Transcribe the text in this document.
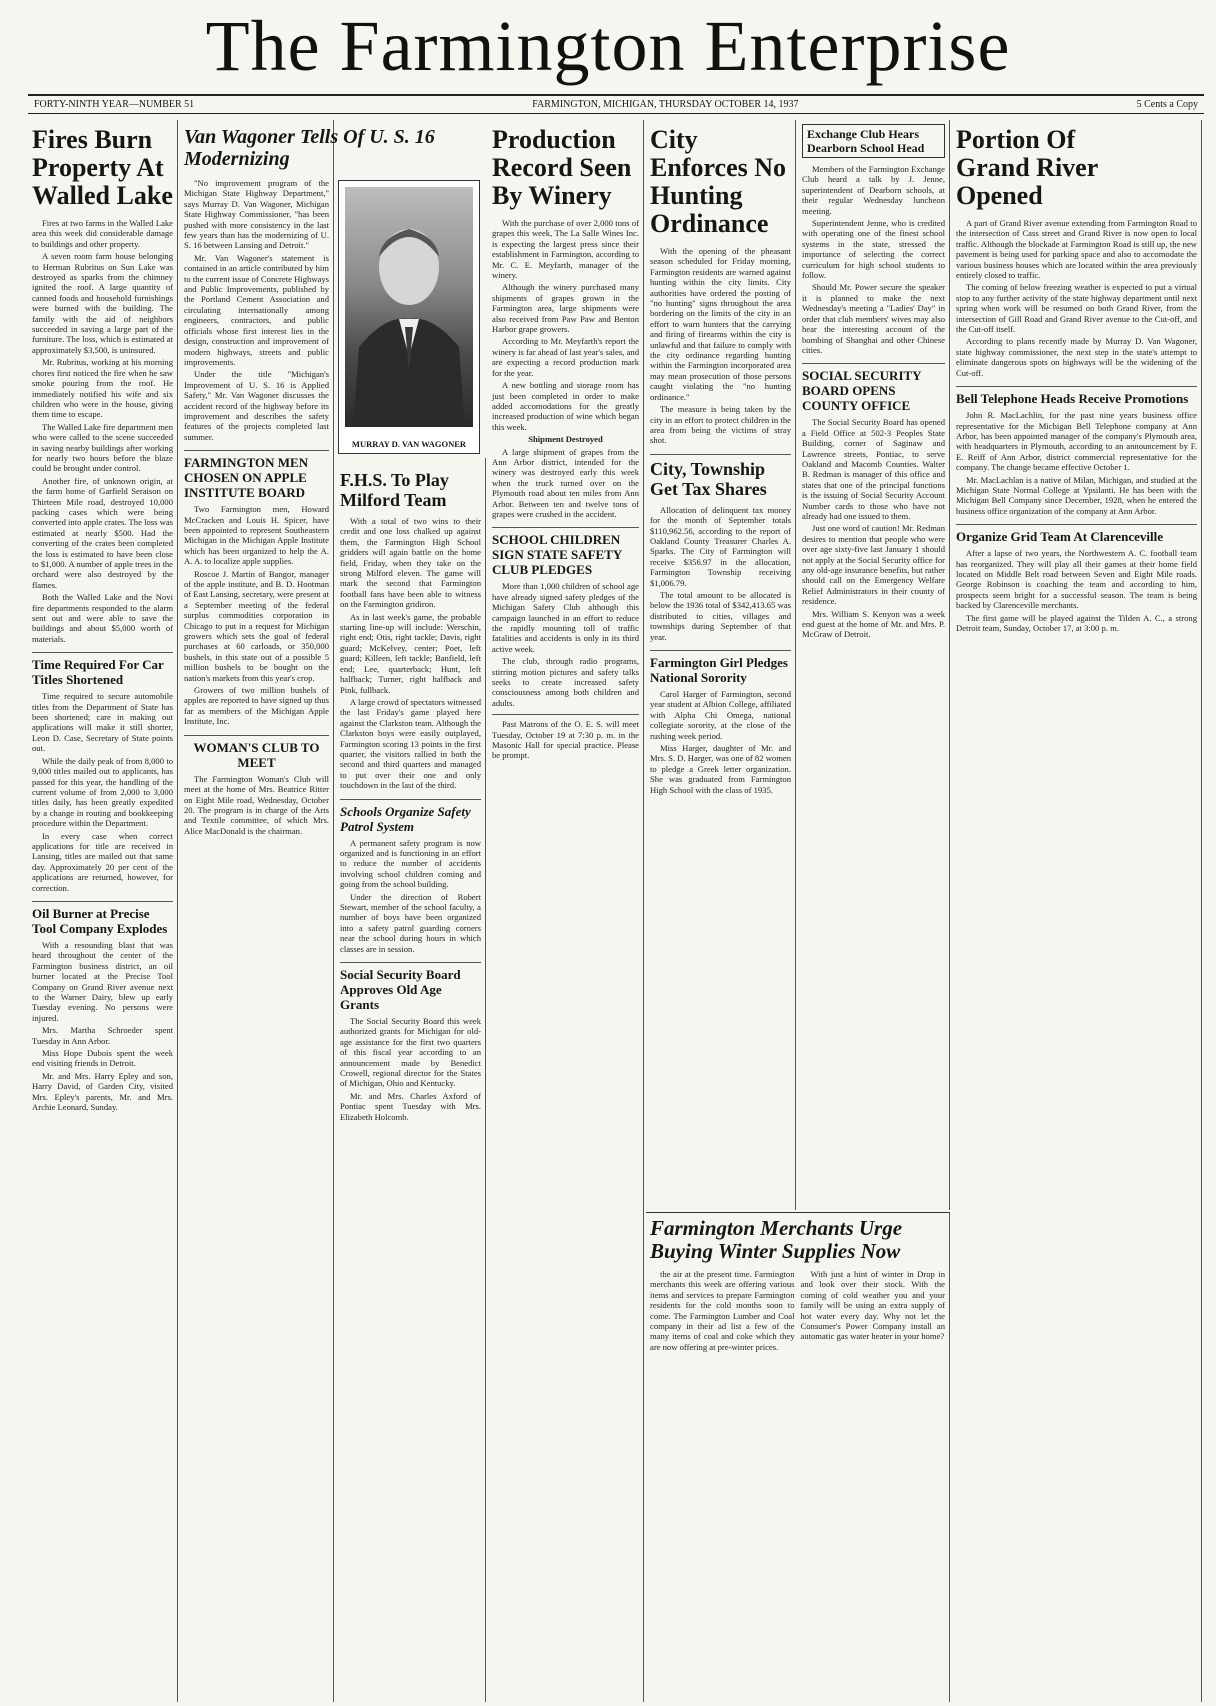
The Farmington Enterprise
FORTY-NINTH YEAR—NUMBER 51	FARMINGTON, MICHIGAN, THURSDAY OCTOBER 14, 1937	5 Cents a Copy
Fires Burn Property At Walled Lake

Fires at two farms in the Walled Lake area this week did considerable damage to buildings and other property.

A seven room farm house belonging to Herman Rubritus on Sun Lake was destroyed as sparks from the chimney ignited the roof. A large quantity of canned foods and household furnishings were burned with the building. The family with the aid of neighbors succeeded in saving a large part of the furniture. The loss, which is estimated at approximately $3,500, is uninsured.

Mr. Rubritus, working at his morning chores first noticed the fire when he saw smoke pouring from the roof. He immediately notified his wife and six children who were in the house, giving them time to escape.

The Walled Lake fire department men who were called to the scene succeeded in saving nearby buildings after working for nearly two hours before the blaze could be brought under control.

Another fire, of unknown origin, at the farm home of Garfield Seraison on Thirteen Mile road, destroyed 10,000 packing cases which were being converted into apple crates. The loss was estimated at nearly $500. Had the converting of the crates been completed the loss is estimated to have been close to $1,000. A number of apple trees in the orchard were also destroyed by the flames.

Both the Walled Lake and the Novi fire departments responded to the alarm sent out and were able to save the buildings and about $5,000 worth of materials.

Time Required For Car Titles Shortened

Time required to secure automobile titles from the Department of State has been shortened; care in making out applications will make it still shorter, Leon D. Case, Secretary of State points out.

While the daily peak of from 8,000 to 9,000 titles mailed out to applicants, has passed for this year, the handling of the current volume of from 2,000 to 3,000 titles daily, has been greatly expedited by a change in routing and bookkeeping procedure within the Department.

In every case when correct applications for title are received in Lansing, titles are mailed out that same day. Approximately 20 per cent of the applications are returned, however, for correction.

Oil Burner at Precise Tool Company Explodes

With a resounding blast that was heard throughout the center of the Farmington business district, an oil burner located at the Precise Tool Company on Grand River avenue next to the Warner Dairy, blew up early Tuesday evening. No persons were injured.

Mrs. Martha Schroeder spent Tuesday in Ann Arbor.

Miss Hope Dubois spent the week end visiting friends in Detroit.

Mr. and Mrs. Harry Epley and son, Harry David, of Garden City, visited Mrs. Epley's parents, Mr. and Mrs. Archie Leonard, Sunday.

Van Wagoner Tells Of U. S. 16 Modernizing

"No improvement program of the Michigan State Highway Department," says Murray D. Van Wagoner, Michigan State Highway Commissioner, "has been pushed with more consistency in the last few years than has the modernizing of U. S. 16 between Lansing and Detroit."

Mr. Van Wagoner's statement is contained in an article contributed by him to the current issue of Concrete Highways and Public Improvements, published by the Portland Cement Association and circulating internationally among engineers, contractors, and public officials whose first interest lies in the design, construction and improvement of modern highways, streets and public improvements.

Under the title "Michigan's Improvement of U. S. 16 is Applied Safety," Mr. Van Wagoner discusses the accident record of the highway before its improvement and describes the safety features of the projects completed last summer.

FARMINGTON MEN CHOSEN ON APPLE INSTITUTE BOARD

Two Farmington men, Howard McCracken and Louis H. Spicer, have been appointed to represent Southeastern Michigan in the Michigan Apple Institute which has been organized to help the A. A. A. to localize apple supplies.

Roscoe J. Martin of Bangor, manager of the apple institute, and B. D. Hootman of East Lansing, secretary, were present at a September meeting of the federal surplus commodities corporation in Chicago to put in a request for Michigan growers which sets the goal of federal purchases at 60 carloads, or 350,000 bushels, in this state out of a possible 5 million bushels to be bought on the nation's markets from this year's crop.

Growers of two million bushels of apples are reported to have signed up thus far as members of the Michigan Apple Institute, Inc.

WOMAN'S CLUB TO MEET

The Farmington Woman's Club will meet at the home of Mrs. Beatrice Ritter on Eight Mile road, Wednesday, October 20. The program is in charge of the Arts and Textile committee, of which Mrs. Alice MacDonald is the chairman.

MURRAY D. VAN WAGONER
F.H.S. To Play Milford Team

With a total of two wins to their credit and one loss chalked up against them, the Farmington High School gridders will again battle on the home field, Friday, when they take on the strong Milford eleven. The game will mark the second that Farmington football fans have been able to witness on the Farmington gridiron.

As in last week's game, the probable starting line-up will include: Werschin, right end; Otis, right tackle; Davis, right guard; McKelvey, center; Poet, left guard; Killeen, left tackle; Banfield, left end; Lee, quarterback; Hunt, left halfback; Turner, right halfback and Pink, fullback.

A large crowd of spectators witnessed the last Friday's game played here against the Clarkston team. Although the Clarkston boys were easily outplayed, Farmington scoring 13 points in the first quarter, the visitors rallied in both the second and third quarters and managed to put over their one and only touchdown in the last of the third.

Schools Organize Safety Patrol System

A permanent safety program is now organized and is functioning in an effort to reduce the number of accidents involving school children coming and going from the school building.

Under the direction of Robert Stewart, member of the school faculty, a number of boys have been organized into a safety patrol guarding corners near the school during hours in which classes are in session.

Social Security Board Approves Old Age Grants

The Social Security Board this week authorized grants for Michigan for old-age assistance for the first two quarters of this fiscal year according to an announcement made by Benedict Crowell, regional director for the States of Michigan, Ohio and Kentucky.

Mr. and Mrs. Charles Axford of Pontiac spent Tuesday with Mrs. Elizabeth Holcomb.

Production Record Seen By Winery

With the purchase of over 2,000 tons of grapes this week, The La Salle Wines Inc. is expecting the largest press since their establishment in Farmington, according to Mr. C. E. Meyfarth, manager of the winery.

Although the winery purchased many shipments of grapes grown in the Farmington area, large shipments were also received from Paw Paw and Benton Harbor grape growers.

According to Mr. Meyfarth's report the winery is far ahead of last year's sales, and are expecting a record production mark for the year.

A new bottling and storage room has just been completed in order to make added accomodations for the greatly increased production of wine which began this week.

Shipment Destroyed

A large shipment of grapes from the Ann Arbor district, intended for the winery was destroyed early this week when the truck turned over on the Plymouth road about ten miles from Ann Arbor. Between ten and twelve tons of grapes were crushed in the accident.

SCHOOL CHILDREN SIGN STATE SAFETY CLUB PLEDGES

More than 1,000 children of school age have already signed safety pledges of the Michigan Safety Club although this campaign launched in an effort to reduce the rapidly mounting toll of traffic fatalities and accidents is only in its third active week.

The club, through radio programs, stirring motion pictures and safety talks seeks to create increased safety consciousness among both children and adults.

Past Matrons of the O. E. S. will meet Tuesday, October 19 at 7:30 p. m. in the Masonic Hall for special practice. Please be prompt.

City Enforces No Hunting Ordinance

With the opening of the pheasant season scheduled for Friday morning, Farmington residents are warned against hunting within the city limits. City authorities have ordered the posting of "no hunting" signs throughout the area bordering on the limits of the city in an effort to warn hunters that the carrying and firing of firearms within the city is unlawful and that failure to comply with the city ordinance regarding hunting within the Farmington incorporated area may mean prosecution of those persons caught violating the "no hunting ordinance."

The measure is being taken by the city in an effort to protect children in the area from being the victims of stray shot.

City, Township Get Tax Shares

Allocation of delinquent tax money for the month of September totals $110,962.56, according to the report of Oakland County Treasurer Charles A. Sparks. The City of Farmington will receive $356.97 in the allocation, Farmington Township receiving $1,006.79.

The total amount to be allocated is below the 1936 total of $342,413.65 was distributed to cities, villages and townships during September of that year.

Farmington Girl Pledges National Sorority

Carol Harger of Farmington, second year student at Albion College, affiliated with Alpha Chi Omega, national collegiate sorority, at the close of the rushing week period.

Miss Harger, daughter of Mr. and Mrs. S. D. Harger, was one of 82 women to pledge a Greek letter organization. She was graduated from Farmington High School with the class of 1935.

Exchange Club Hears Dearborn School Head

Members of the Farmington Exchange Club heard a talk by J. Jenne, superintendent of Dearborn schools, at their regular Wednesday luncheon meeting.

Superintendent Jenne, who is credited with operating one of the finest school systems in the state, stressed the importance of selecting the correct curriculum for high school students to follow.

Should Mr. Power secure the speaker it is planned to make the next Wednesday's meeting a "Ladies' Day" in order that club members' wives may also hear the interesting account of the bombing of Shanghai and other Chinese cities.

SOCIAL SECURITY BOARD OPENS COUNTY OFFICE

The Social Security Board has opened a Field Office at 502-3 Peoples State Building, corner of Saginaw and Lawrence streets, Pontiac, to serve Oakland and Macomb Counties. Walter B. Redman is manager of this office and states that one of the principal functions is the issuing of Social Security Account Number cards to those who have not already had one issued to them.

Just one word of caution! Mr. Redman desires to mention that people who were over age sixty-five last January 1 should not apply at the Social Security office for any old-age insurance benefits, but rather should call on the Emergency Welfare Relief Administrators in their county of residence.

Mrs. William S. Kenyon was a week end guest at the home of Mr. and Mrs. P. McGraw of Detroit.

Farmington Merchants Urge Buying Winter Supplies Now

the air at the present time. Farmington merchants this week are offering various items and services to prepare Farmington residents for the cold months soon to come. The Farmington Lumber and Coal company in their ad list a few of the many items of coal and coke which they are now offering at pre-winter prices.

With just a hint of winter in Drop in and look over their stock. With the coming of cold weather you and your family will be using an extra supply of hot water every day. Why not let the Consumer's Power Company install an automatic gas water heater in your home?

Portion Of Grand River Opened

A part of Grand River avenue extending from Farmington Road to the intersection of Cass street and Grand River is now open to local traffic. Although the blockade at Farmington Road is still up, the new pavement is being used for parking space and also to accomodate the various business houses which are located within the area previously entirely closed to traffic.

The coming of below freezing weather is expected to put a virtual stop to any further activity of the state highway department until next spring when work will be resumed on both Grand River, from the intersection of Gill Road and Grand River avenue to the Cut-off, and the Cut-off itself.

According to plans recently made by Murray D. Van Wagoner, state highway commissioner, the next step in the state's attempt to eliminate dangerous spots on highways will be the widening of the Cut-off.

Bell Telephone Heads Receive Promotions

John R. MacLachlin, for the past nine years business office representative for the Michigan Bell Telephone company at Ann Arbor, has been appointed manager of the company's Plymouth area, with headquarters in Plymouth, according to an announcement by F. E. Reiff of Ann Arbor, district commercial representative for the company. The change became effective October 1.

Mr. MacLachlan is a native of Milan, Michigan, and studied at the Michigan State Normal College at Ypsilanti. He has been with the Michigan Bell Company since December, 1928, when he entered the business office organization of the company at Ann Arbor.

Organize Grid Team At Clarenceville

After a lapse of two years, the Northwestern A. C. football team has reorganized. They will play all their games at their home field located on Middle Belt road between Seven and Eight Mile roads. George Robinson is coaching the team and according to him, prospects seem bright for a successful season. The team is being backed by Clarenceville merchants.

The first game will be played against the Tilden A. C., a strong Detroit team, Sunday, October 17, at 3:00 p. m.
